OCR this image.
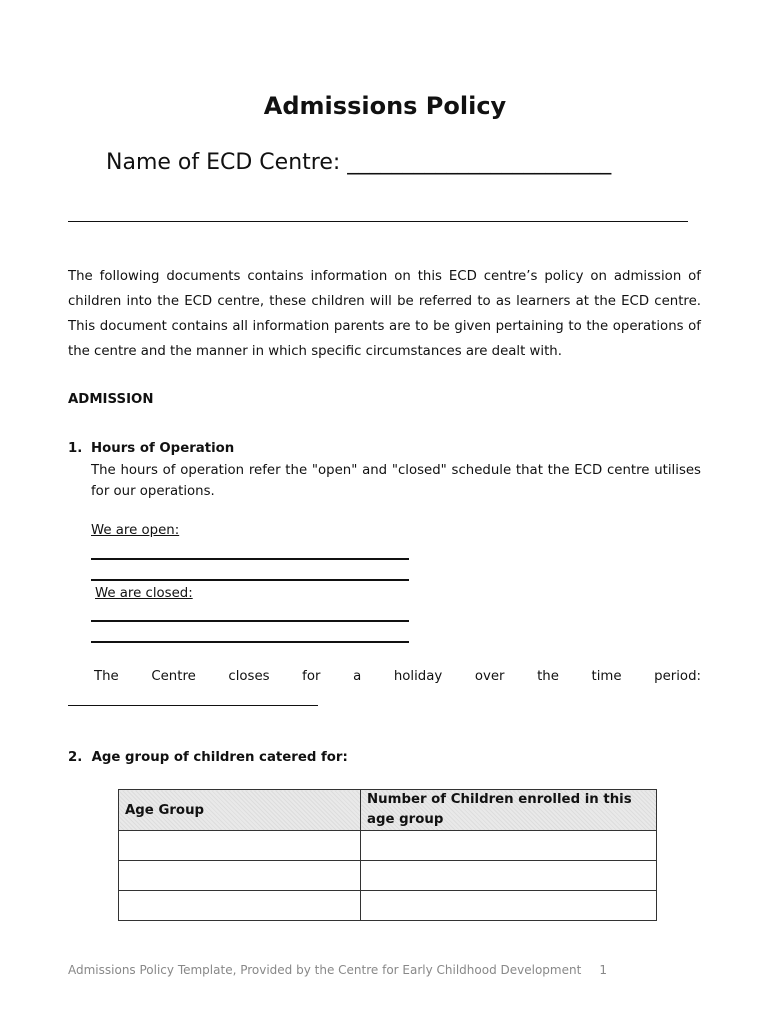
Admissions Policy
Name of ECD Centre: ________________________
The following documents contains information on this ECD centre’s policy on admission of children into the ECD centre, these children will be referred to as learners at the ECD centre. This document contains all information parents are to be given pertaining to the operations of the centre and the manner in which specific circumstances are dealt with.
ADMISSION
1. Hours of Operation
The hours of operation refer the "open" and "closed" schedule that the ECD centre utilises for our operations.
We are open:
We are closed:
The Centre closes for a holiday over the time period:
2. Age group of children catered for:
Age Group	Number of Children enrolled in this age group

Admissions Policy Template, Provided by the Centre for Early Childhood Development 1
